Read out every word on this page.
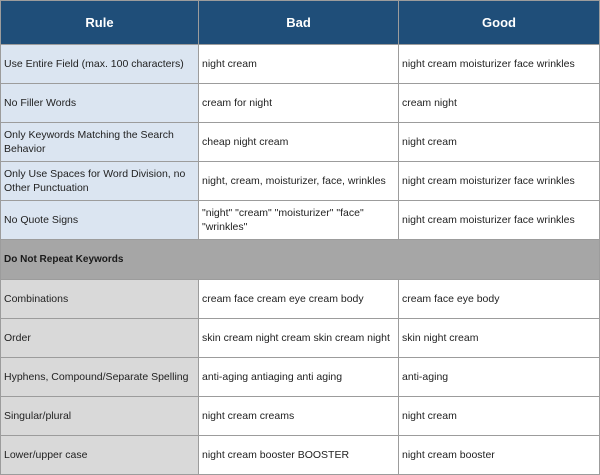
Rule	Bad	Good
Use Entire Field (max. 100 characters)	night cream	night cream moisturizer face wrinkles
No Filler Words	cream for night	cream night
Only Keywords Matching the Search Behavior	cheap night cream	night cream
Only Use Spaces for Word Division, no Other Punctuation	night, cream, moisturizer, face, wrinkles	night cream moisturizer face wrinkles
No Quote Signs	"night" "cream" "moisturizer" "face" "wrinkles"	night cream moisturizer face wrinkles
Do Not Repeat Keywords		
Combinations	cream face cream eye cream body	cream face eye body
Order	skin cream night cream skin cream night	skin night cream
Hyphens, Compound/Separate Spelling	anti-aging antiaging anti aging	anti-aging
Singular/plural	night cream creams	night cream
Lower/upper case	night cream booster BOOSTER	night cream booster
